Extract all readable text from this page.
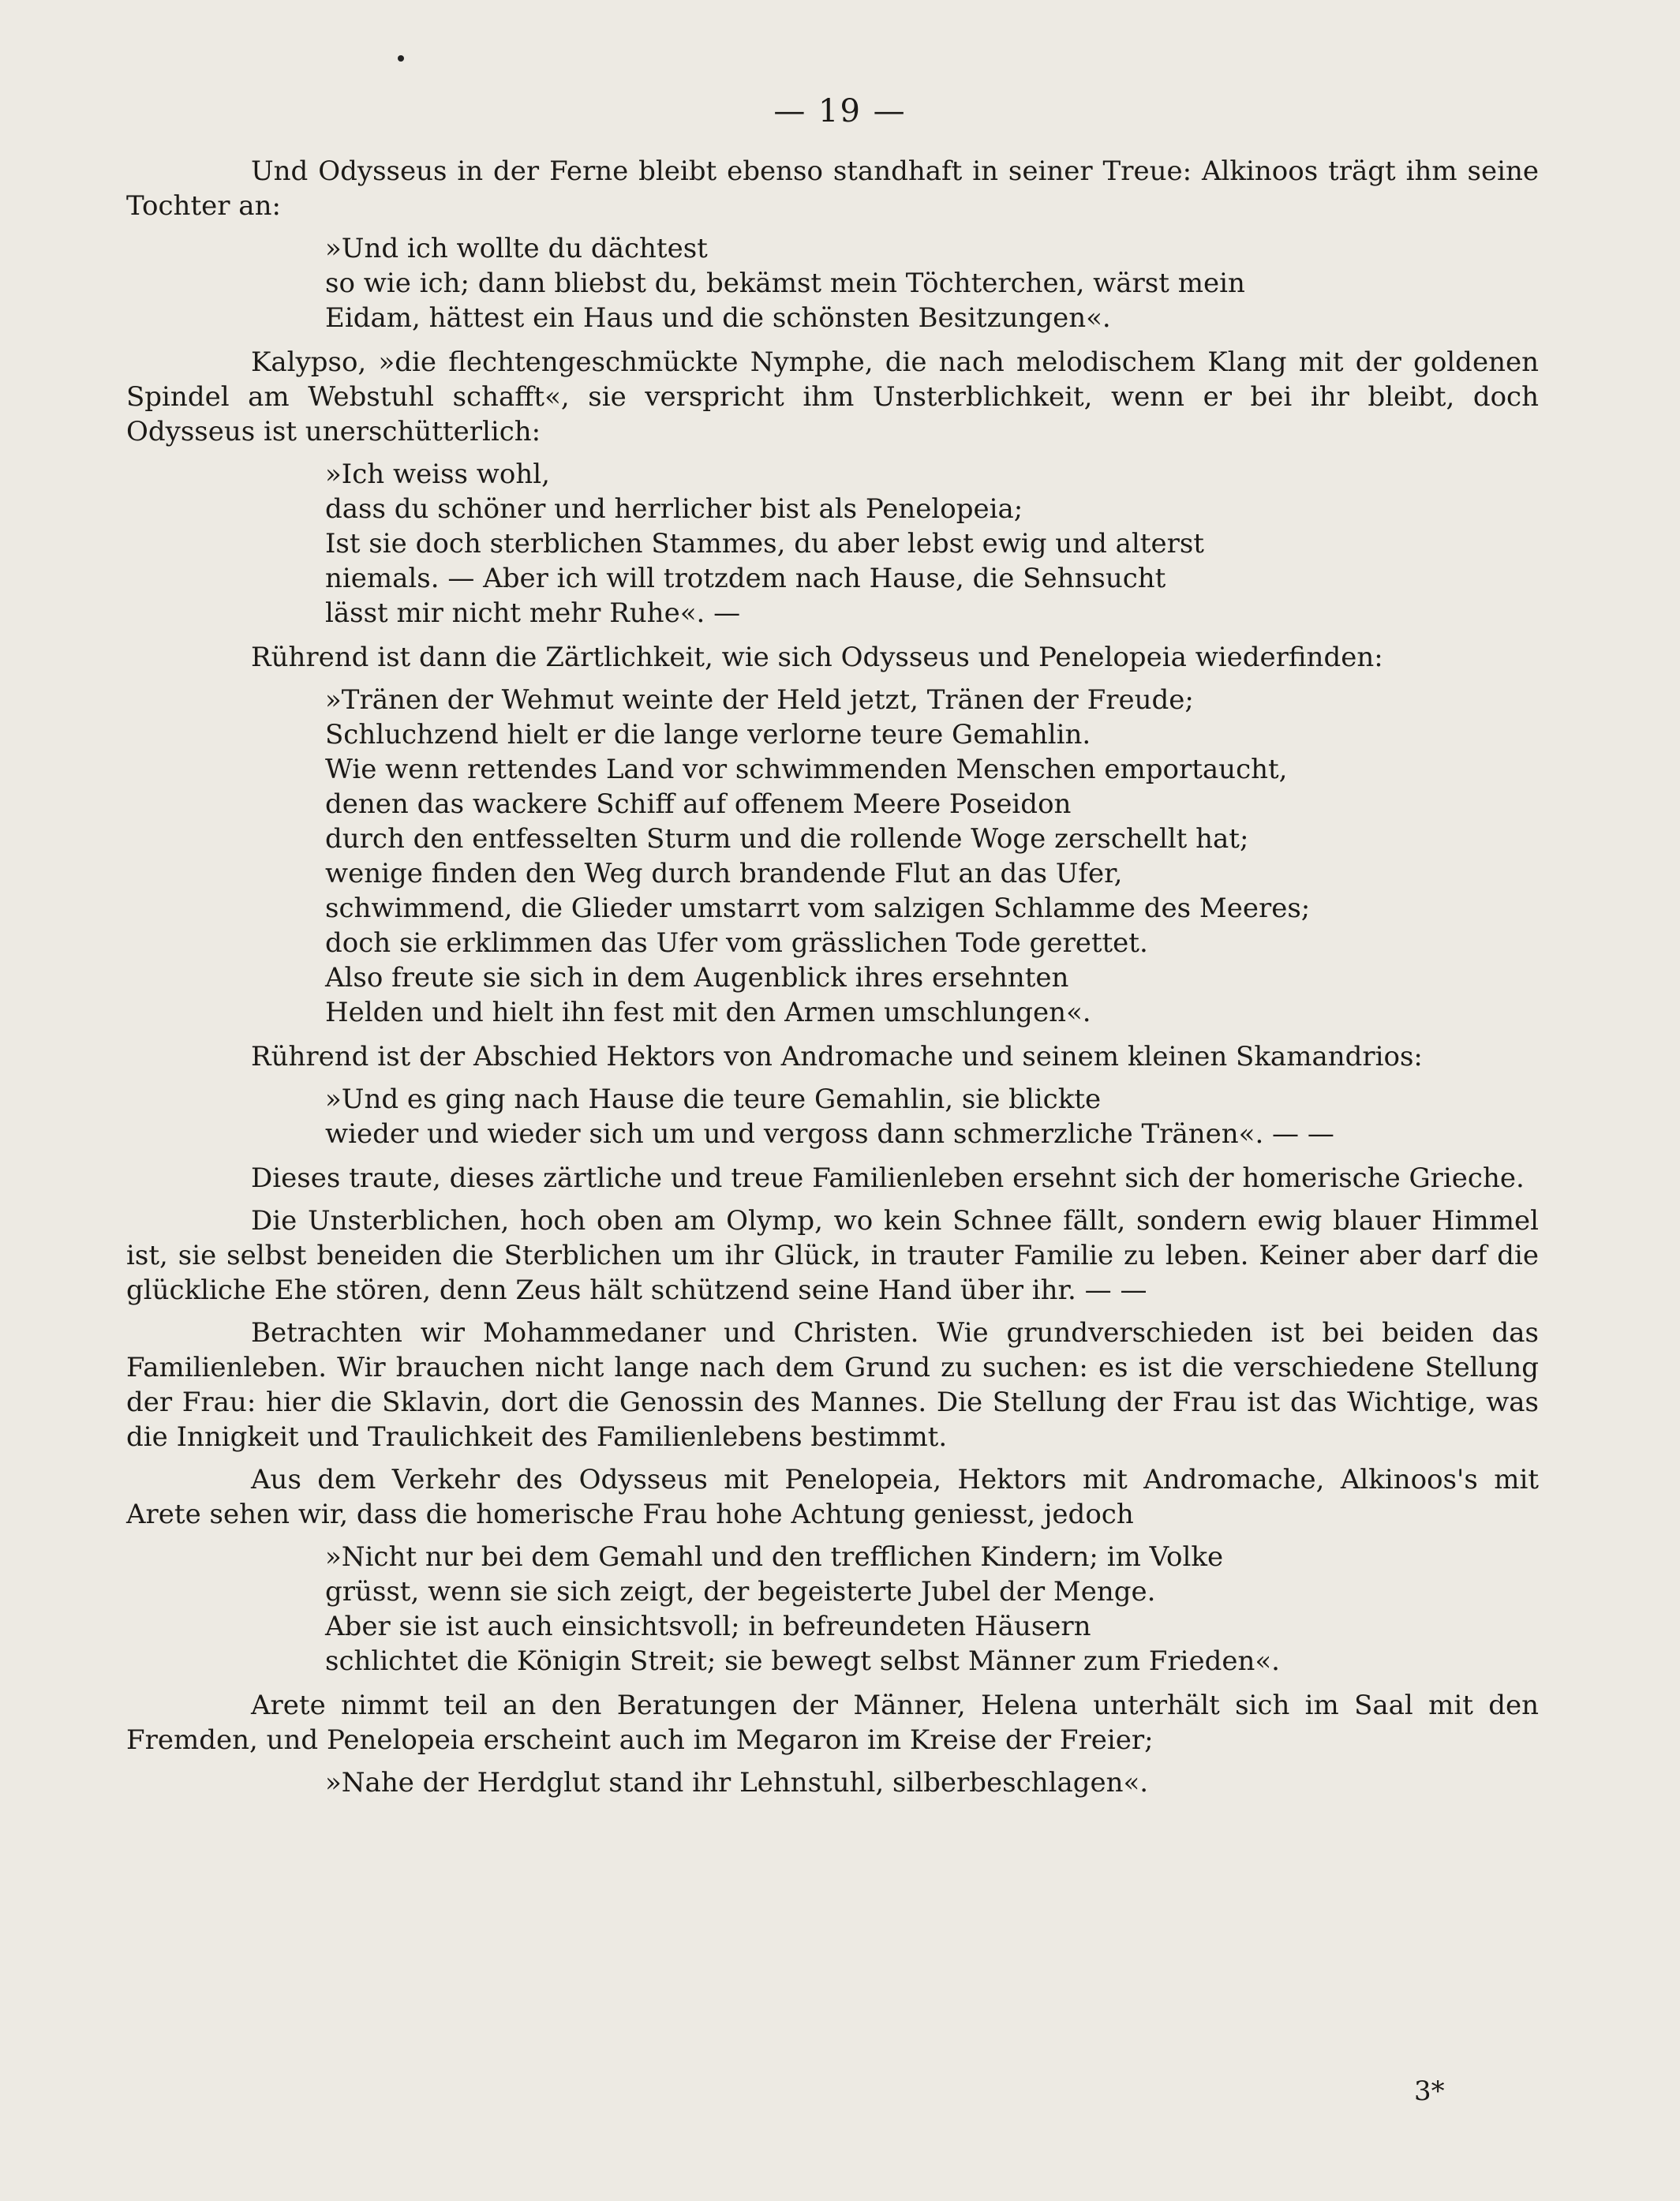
— 19 —

Und Odysseus in der Ferne bleibt ebenso standhaft in seiner Treue: Alkinoos trägt ihm seine Tochter an:

»Und ich wollte du dächtest
so wie ich; dann bliebst du, bekämst mein Töchterchen, wärst mein
Eidam, hättest ein Haus und die schönsten Besitzungen«.

Kalypso, »die flechtengeschmückte Nymphe, die nach melodischem Klang mit der goldenen Spindel am Webstuhl schafft«, sie verspricht ihm Unsterblichkeit, wenn er bei ihr bleibt, doch Odysseus ist unerschütterlich:

»Ich weiss wohl,
dass du schöner und herrlicher bist als Penelopeia;
Ist sie doch sterblichen Stammes, du aber lebst ewig und alterst
niemals. — Aber ich will trotzdem nach Hause, die Sehnsucht
lässt mir nicht mehr Ruhe«. —

Rührend ist dann die Zärtlichkeit, wie sich Odysseus und Penelopeia wiederfinden:

»Tränen der Wehmut weinte der Held jetzt, Tränen der Freude;
Schluchzend hielt er die lange verlorne teure Gemahlin.
Wie wenn rettendes Land vor schwimmenden Menschen emportaucht,
denen das wackere Schiff auf offenem Meere Poseidon
durch den entfesselten Sturm und die rollende Woge zerschellt hat;
wenige finden den Weg durch brandende Flut an das Ufer,
schwimmend, die Glieder umstarrt vom salzigen Schlamme des Meeres;
doch sie erklimmen das Ufer vom grässlichen Tode gerettet.
Also freute sie sich in dem Augenblick ihres ersehnten
Helden und hielt ihn fest mit den Armen umschlungen«.

Rührend ist der Abschied Hektors von Andromache und seinem kleinen Skamandrios:

»Und es ging nach Hause die teure Gemahlin, sie blickte
wieder und wieder sich um und vergoss dann schmerzliche Tränen«. — —

Dieses traute, dieses zärtliche und treue Familienleben ersehnt sich der homerische Grieche.

Die Unsterblichen, hoch oben am Olymp, wo kein Schnee fällt, sondern ewig blauer Himmel ist, sie selbst beneiden die Sterblichen um ihr Glück, in trauter Familie zu leben. Keiner aber darf die glückliche Ehe stören, denn Zeus hält schützend seine Hand über ihr. — —

Betrachten wir Mohammedaner und Christen. Wie grundverschieden ist bei beiden das Familienleben. Wir brauchen nicht lange nach dem Grund zu suchen: es ist die verschiedene Stellung der Frau: hier die Sklavin, dort die Genossin des Mannes. Die Stellung der Frau ist das Wichtige, was die Innigkeit und Traulichkeit des Familienlebens bestimmt.

Aus dem Verkehr des Odysseus mit Penelopeia, Hektors mit Andromache, Alkinoos's mit Arete sehen wir, dass die homerische Frau hohe Achtung geniesst, jedoch

»Nicht nur bei dem Gemahl und den trefflichen Kindern; im Volke
grüsst, wenn sie sich zeigt, der begeisterte Jubel der Menge.
Aber sie ist auch einsichtsvoll; in befreundeten Häusern
schlichtet die Königin Streit; sie bewegt selbst Männer zum Frieden«.

Arete nimmt teil an den Beratungen der Männer, Helena unterhält sich im Saal mit den Fremden, und Penelopeia erscheint auch im Megaron im Kreise der Freier;

»Nahe der Herdglut stand ihr Lehnstuhl, silberbeschlagen«.
3*
